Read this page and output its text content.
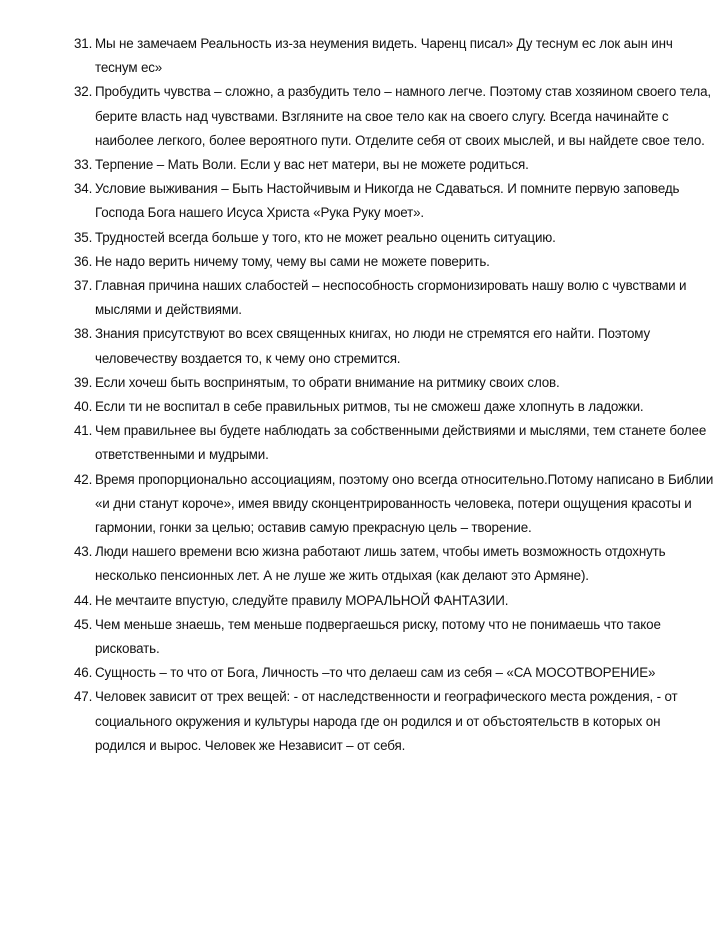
31. Мы не замечаем Реальность из-за неумения видеть. Чаренц писал» Ду теснум ес лок аын инч теснум ес»
32. Пробудить чувства – сложно, а разбудить тело – намного легче. Поэтому став хозяином своего тела, берите власть над чувствами. Взгляните на свое тело как на своего слугу. Всегда начинайте с наиболее легкого, более вероятного пути. Отделите себя от своих мыслей, и вы найдете свое тело.
33. Терпение – Мать Воли. Если у вас нет матери, вы не можете родиться.
34. Условие выживания – Быть Настойчивым и Никогда не Сдаваться. И помните первую заповедь Господа Бога нашего Исуса Христа «Рука Руку моет».
35. Трудностей всегда больше у того, кто не может реально оценить ситуацию.
36. Не надо верить ничему тому, чему вы сами не можете поверить.
37. Главная причина наших слабостей – неспособность сгормонизировать нашу волю с чувствами и мыслями и действиями.
38. Знания присутствуют во всех священных книгах, но люди не стремятся его найти. Поэтому человечеству воздается то, к чему оно стремится.
39. Если хочеш быть воспринятым, то обрати внимание на ритмику своих слов.
40. Если ти не воспитал в себе правильных ритмов, ты не сможеш даже хлопнуть в ладожки.
41. Чем правильнее вы будете наблюдать за собственными действиями и мыслями, тем станете более ответственными и мудрыми.
42. Время пропорционально ассоциациям, поэтому оно всегда относительно.Потому написано в Библии «и дни станут короче», имея ввиду сконцентрированность человека, потери ощущения красоты и гармонии, гонки за целью; оставив самую прекрасную цель – творение.
43. Люди нашего времени всю жизна работают лишь затем, чтобы иметь возможность отдохнуть несколько пенсионных лет. А не луше же жить отдыхая (как делают это Армяне).
44. Не мечтаите впустую, следуйте правилу МОРАЛЬНОЙ ФАНТАЗИИ.
45. Чем меньше знаешь, тем меньше подвергаешься риску, потому что не понимаешь что такое рисковать.
46. Сущность – то что от Бога, Личность –то что делаеш сам из себя – «СА МОСОТВОРЕНИЕ»
47. Человек зависит от трех вещей: - от наследственности и географического места рождения, - от социального окружения и культуры народа где он родился и от объстоятельств в которых он родился и вырос. Человек же Независит – от себя.
